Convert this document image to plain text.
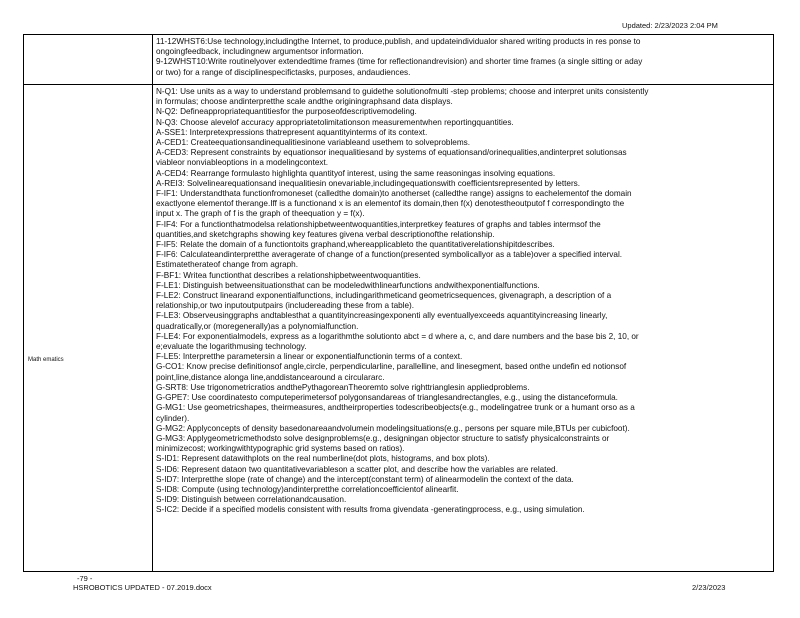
Updated: 2/23/2023 2:04 PM
Math ematics
11-12WHST6:Use technology,includingthe Internet, to produce,publish, and updateindividualor shared writing products in res ponse to
ongoingfeedback, includingnew argumentsor information.
9-12WHST10:Write routinelyover extendedtime frames (time for reflectionandrevision) and shorter time frames (a single sitting or aday
or two) for a range of disciplinespecifictasks, purposes, andaudiences.
N-Q1: Use units as a way to understand problemsand to guidethe solutionofmulti -step problems; choose and interpret units consistently
in formulas; choose andinterpretthe scale andthe originingraphsand data displays.
N-Q2: Defineappropriatequantitiesfor the purposeofdescriptivemodeling.
N-Q3: Choose alevelof accuracy appropriatetolimitationson measurementwhen reportingquantities.
A-SSE1: Interpretexpressions thatrepresent aquantityinterms of its context.
A-CED1: Createequationsandinequalitiesinone variableand usethem to solveproblems.
A-CED3: Represent constraints by equationsor inequalitiesand by systems of equationsand/orinequalities,andinterpret solutionsas
viableor nonviableoptions in a modelingcontext.
A-CED4: Rearrange formulasto highlighta quantityof interest, using the same reasoningas insolving equations.
A-REI3: Solvelinearequationsand inequalitiesin onevariable,includingequationswith coefficientsrepresented by letters.
F-IF1: Understandthata functionfromoneset (calledthe domain)to anotherset (calledthe range) assigns to eachelementof the domain
exactlyone elementof therange.Iff is a functionand x is an elementof its domain,then f(x) denotestheoutputof f correspondingto the
input x. The graph of f is the graph of theequation y = f(x).
F-IF4: For a functionthatmodelsa relationshipbetweentwoquantities,interpretkey features of graphs and tables intermsof the
quantities,and sketchgraphs showing key features givena verbal descriptionofthe relationship.
F-IF5: Relate the domain of a functiontoits graphand,whereapplicableto the quantitativerelationshipitdescribes.
F-IF6: Calculateandinterpretthe averagerate of change of a function(presented symbolicallyor as a table)over a specified interval.
Estimatetherateof change from agraph.
F-BF1: Writea functionthat describes a relationshipbetweentwoquantities.
F-LE1: Distinguish betweensituationsthat can be modeledwithlinearfunctions andwithexponentialfunctions.
F-LE2: Construct linearand exponentialfunctions, includingarithmeticand geometricsequences, givenagraph, a description of a
relationship,or two inputoutputpairs (includereading these from a table).
F-LE3: Observeusinggraphs andtablesthat a quantityincreasingexponenti ally eventuallyexceeds aquantityincreasing linearly,
quadratically,or (moregenerally)as a polynomialfunction.
F-LE4: For exponentialmodels, express as a logarithmthe solutionto abct = d where a, c, and dare numbers and the base bis 2, 10, or
e;evaluate the logarithmusing technology.
F-LE5: Interpretthe parametersin a linear or exponentialfunctionin terms of a context.
G-CO1: Know precise definitionsof angle,circle, perpendicularline, parallelline, and linesegment, based onthe undefin ed notionsof
point,line,distance alonga line,anddistancearound a circulararc.
G-SRT8: Use trigonometricratios andthePythagoreanTheoremto solve righttrianglesin appliedproblems.
G-GPE7: Use coordinatesto computeperimetersof polygonsandareas of trianglesandrectangles, e.g., using the distanceformula.
G-MG1: Use geometricshapes, theirmeasures, andtheirproperties todescribeobjects(e.g., modelingatree trunk or a humant orso as a
cylinder).
G-MG2: Applyconcepts of density basedonareaandvolumein modelingsituations(e.g., persons per square mile,BTUs per cubicfoot).
G-MG3: Applygeometricmethodsto solve designproblems(e.g., designingan objector structure to satisfy physicalconstraints or
minimizecost; workingwithtypographic grid systems based on ratios).
S-ID1: Represent datawithplots on the real numberline(dot plots, histograms, and box plots).
S-ID6: Represent dataon two quantitativevariableson a scatter plot, and describe how the variables are related.
S-ID7: Interpretthe slope (rate of change) and the intercept(constant term) of alinearmodelin the context of the data.
S-ID8: Compute (using technology)andinterpretthe correlationcoefficientof alinearfit.
S-ID9: Distinguish between correlationandcausation.
S-IC2: Decide if a specified modelis consistent with results froma givendata -generatingprocess, e.g., using simulation.
-79 -
HSROBOTICS UPDATED - 07.2019.docx	2/23/2023
